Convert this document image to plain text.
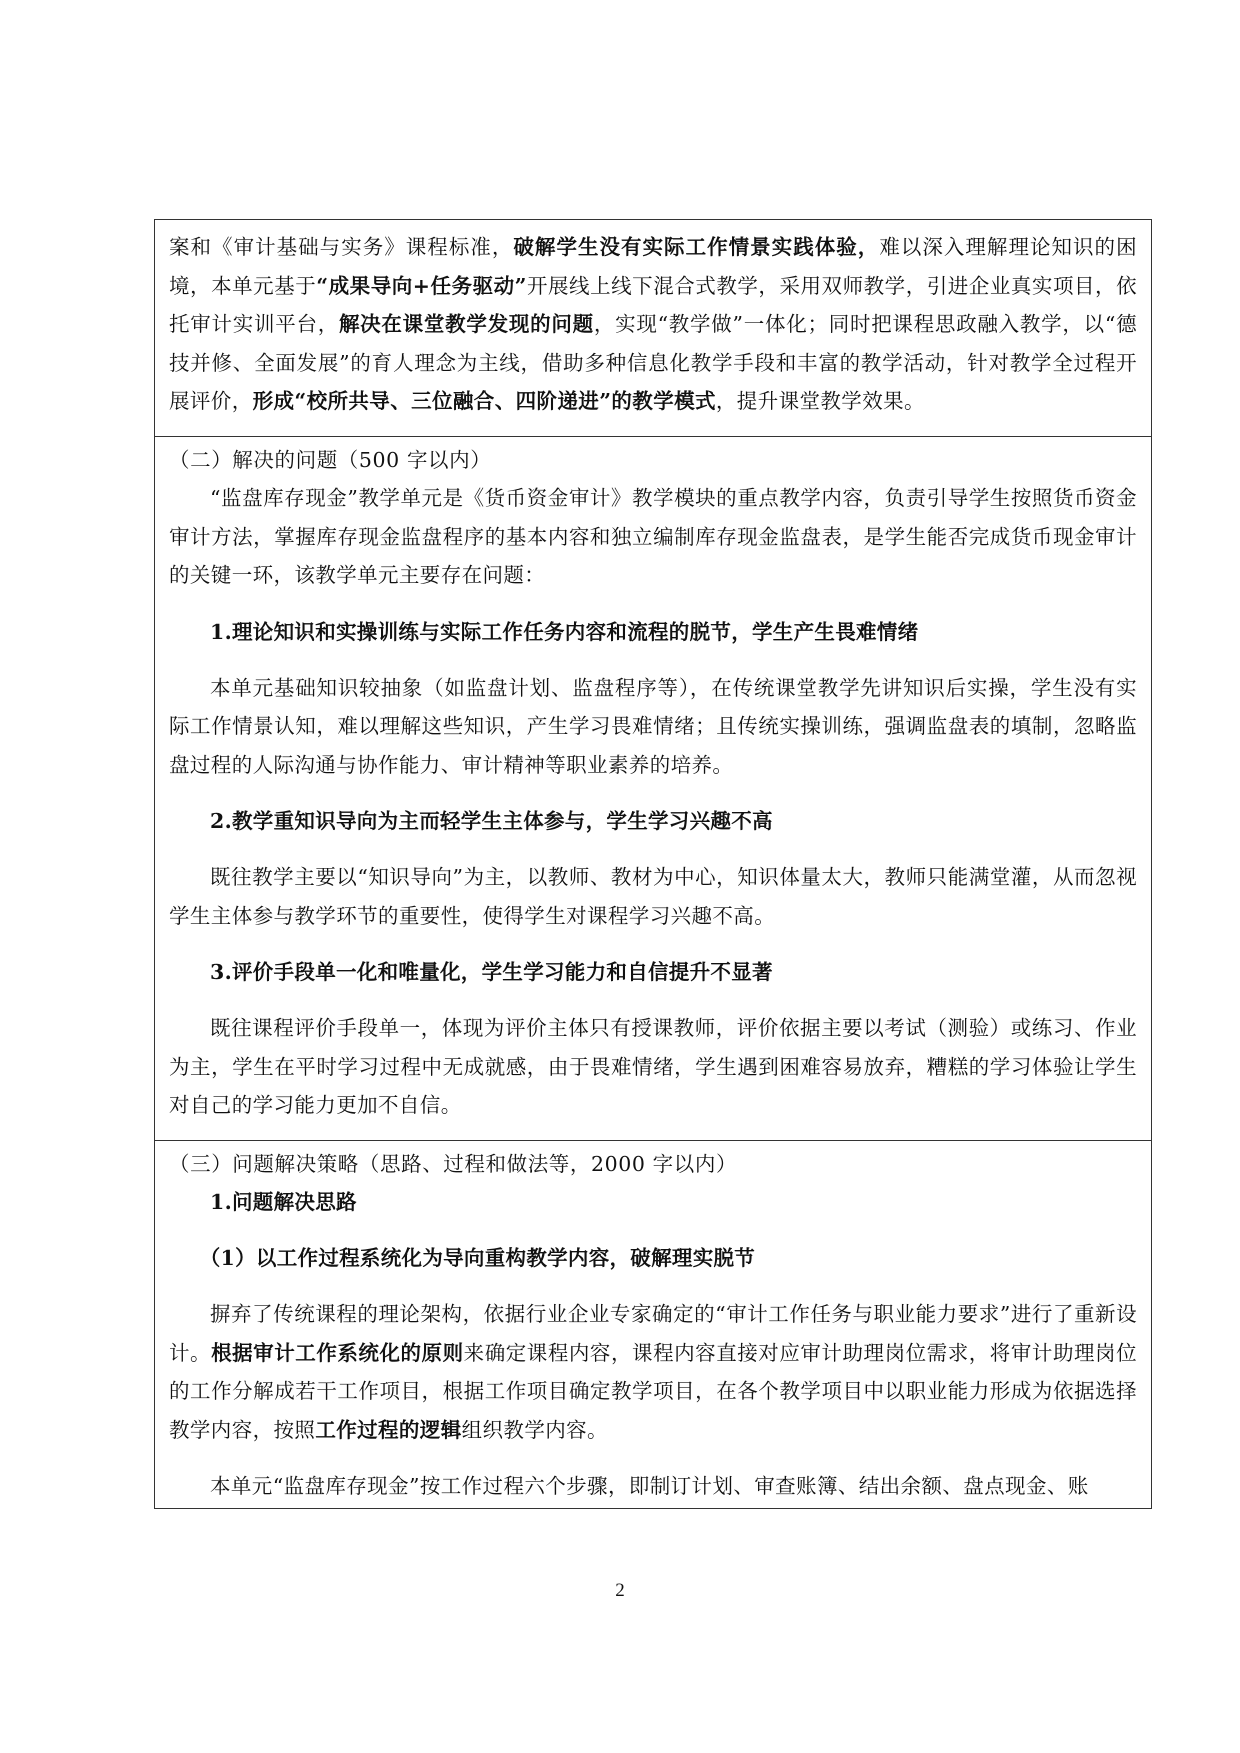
案和《审计基础与实务》课程标准，破解学生没有实际工作情景实践体验，难以深入理解理论知识的困境，本单元基于“成果导向+任务驱动”开展线上线下混合式教学，采用双师教学，引进企业真实项目，依托审计实训平台，解决在课堂教学发现的问题，实现“教学做”一体化；同时把课程思政融入教学，以“德技并修、全面发展”的育人理念为主线，借助多种信息化教学手段和丰富的教学活动，针对教学全过程开展评价，形成“校所共导、三位融合、四阶递进”的教学模式，提升课堂教学效果。

（二）解决的问题（500 字以内）

“监盘库存现金”教学单元是《货币资金审计》教学模块的重点教学内容，负责引导学生按照货币资金审计方法，掌握库存现金监盘程序的基本内容和独立编制库存现金监盘表，是学生能否完成货币现金审计的关键一环，该教学单元主要存在问题：

1.理论知识和实操训练与实际工作任务内容和流程的脱节，学生产生畏难情绪

本单元基础知识较抽象（如监盘计划、监盘程序等），在传统课堂教学先讲知识后实操，学生没有实际工作情景认知，难以理解这些知识，产生学习畏难情绪；且传统实操训练，强调监盘表的填制，忽略监盘过程的人际沟通与协作能力、审计精神等职业素养的培养。

2.教学重知识导向为主而轻学生主体参与，学生学习兴趣不高

既往教学主要以“知识导向”为主，以教师、教材为中心，知识体量太大，教师只能满堂灌，从而忽视学生主体参与教学环节的重要性，使得学生对课程学习兴趣不高。

3.评价手段单一化和唯量化，学生学习能力和自信提升不显著

既往课程评价手段单一，体现为评价主体只有授课教师，评价依据主要以考试（测验）或练习、作业为主，学生在平时学习过程中无成就感，由于畏难情绪，学生遇到困难容易放弃，糟糕的学习体验让学生对自己的学习能力更加不自信。

（三）问题解决策略（思路、过程和做法等，2000 字以内）
1.问题解决思路
（1）以工作过程系统化为导向重构教学内容，破解理实脱节

摒弃了传统课程的理论架构，依据行业企业专家确定的“审计工作任务与职业能力要求”进行了重新设计。根据审计工作系统化的原则来确定课程内容，课程内容直接对应审计助理岗位需求，将审计助理岗位的工作分解成若干工作项目，根据工作项目确定教学项目，在各个教学项目中以职业能力形成为依据选择教学内容，按照工作过程的逻辑组织教学内容。

本单元“监盘库存现金”按工作过程六个步骤，即制订计划、审查账簿、结出余额、盘点现金、账

2
